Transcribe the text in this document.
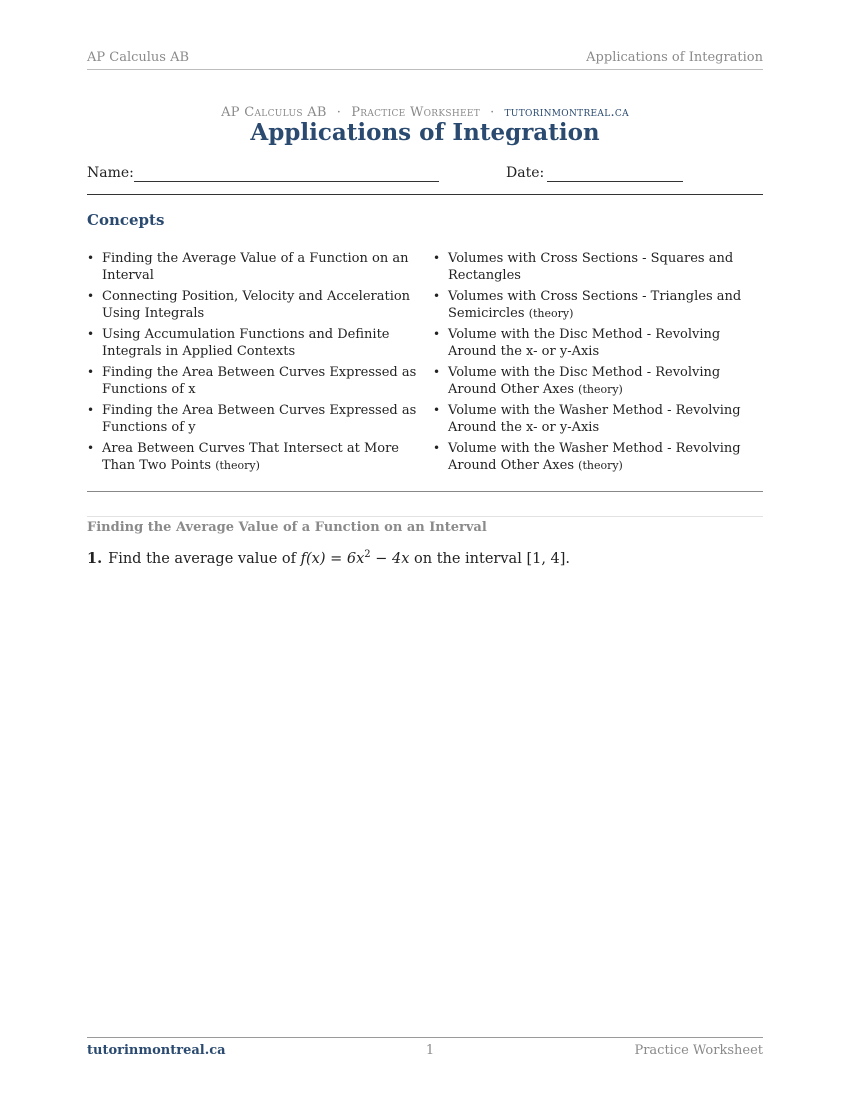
AP Calculus AB	Applications of Integration
AP Calculus AB · Practice Worksheet · tutorinmontreal.ca
Applications of Integration
Name:	Date:
Concepts
• Finding the Average Value of a Function on an Interval
• Connecting Position, Velocity and Acceleration Using Integrals
• Using Accumulation Functions and Definite Integrals in Applied Contexts
• Finding the Area Between Curves Expressed as Functions of x
• Finding the Area Between Curves Expressed as Functions of y
• Area Between Curves That Intersect at More Than Two Points (theory)
• Volumes with Cross Sections - Squares and Rectangles
• Volumes with Cross Sections - Triangles and Semicircles (theory)
• Volume with the Disc Method - Revolving Around the x- or y-Axis
• Volume with the Disc Method - Revolving Around Other Axes (theory)
• Volume with the Washer Method - Revolving Around the x- or y-Axis
• Volume with the Washer Method - Revolving Around Other Axes (theory)
Finding the Average Value of a Function on an Interval
1. Find the average value of $f(x) = 6x^2 - 4x$ on the interval [1, 4].
tutorinmontreal.ca	1	Practice Worksheet
